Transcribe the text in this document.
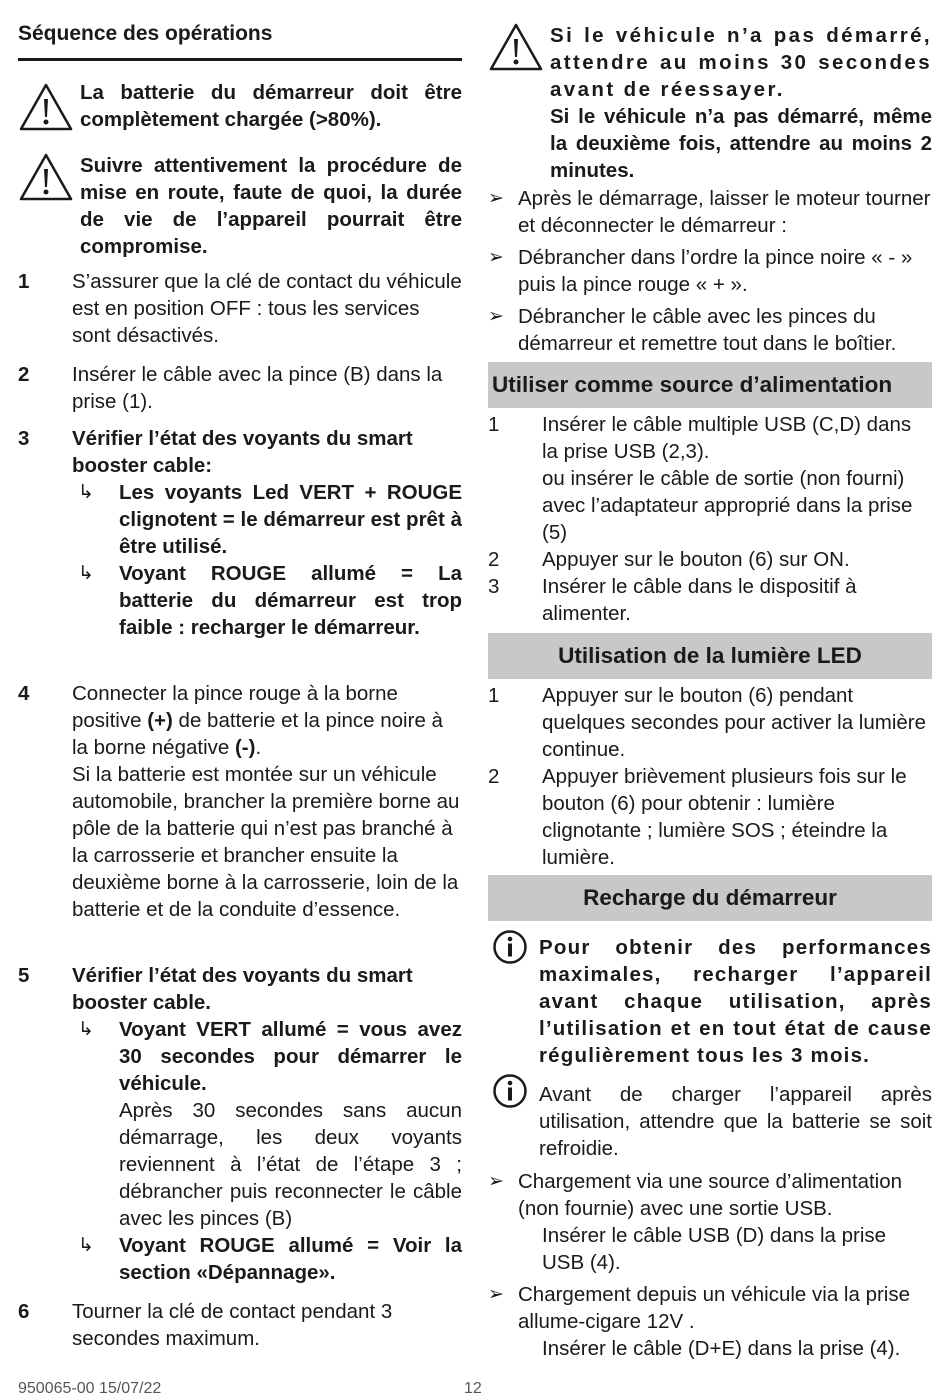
Séquence des opérations
La batterie du démarreur doit être complètement chargée (>80%).
Suivre attentivement la procédure de mise en route, faute de quoi, la durée de vie de l’appareil pourrait être compromise.
1 S’assurer que la clé de contact du véhicule est en position OFF : tous les services sont désactivés.
2 Insérer le câble avec la pince (B) dans la prise (1).
3 Vérifier l’état des voyants du smart booster cable:
↳ Les voyants Led VERT + ROUGE clignotent = le démarreur est prêt à être utilisé.
↳ Voyant ROUGE allumé = La batterie du démarreur est trop faible : recharger le démarreur.
4 Connecter la pince rouge à la borne positive (+) de batterie et la pince noire à la borne négative (-).
Si la batterie est montée sur un véhicule automobile, brancher la première borne au pôle de la batterie qui n’est pas branché à la carrosserie et brancher ensuite la deuxième borne à la carrosserie, loin de la batterie et de la conduite d’essence.
5 Vérifier l’état des voyants du smart booster cable.
↳ Voyant VERT allumé = vous avez 30 secondes pour démarrer le véhicule.
Après 30 secondes sans aucun démarrage, les deux voyants reviennent à l’état de l’étape 3 ; débrancher puis reconnecter le câble avec les pinces (B)
↳ Voyant ROUGE allumé = Voir la section «Dépannage».
6 Tourner la clé de contact pendant 3 secondes maximum.
Si le véhicule n’a pas démarré, attendre au moins 30 secondes avant de réessayer.
Si le véhicule n’a pas démarré, même la deuxième fois, attendre au moins 2 minutes.
➢ Après le démarrage, laisser le moteur tourner et déconnecter le démarreur :
➢ Débrancher dans l’ordre la pince noire « - » puis la pince rouge « + ».
➢ Débrancher le câble avec les pinces du démarreur et remettre tout dans le boîtier.
Utiliser comme source d’alimentation
1 Insérer le câble multiple USB (C,D) dans la prise USB (2,3).
ou insérer le câble de sortie (non fourni) avec l’adaptateur approprié dans la prise (5)
2 Appuyer sur le bouton (6) sur ON.
3 Insérer le câble dans le dispositif à alimenter.
Utilisation de la lumière LED
1 Appuyer sur le bouton (6) pendant quelques secondes pour activer la lumière continue.
2 Appuyer brièvement plusieurs fois sur le bouton (6) pour obtenir : lumière clignotante ; lumière SOS ; éteindre la lumière.
Recharge du démarreur
Pour obtenir des performances maximales, recharger l’appareil avant chaque utilisation, après l’utilisation et en tout état de cause régulièrement tous les 3 mois.
Avant de charger l’appareil après utilisation, attendre que la batterie se soit refroidie.
➢ Chargement via une source d’alimentation (non fournie) avec une sortie USB.
Insérer le câble USB (D) dans la prise USB (4).
➢ Chargement depuis un véhicule via la prise allume-cigare 12V .
Insérer le câble (D+E) dans la prise (4).
950065-00 15/07/22	12
